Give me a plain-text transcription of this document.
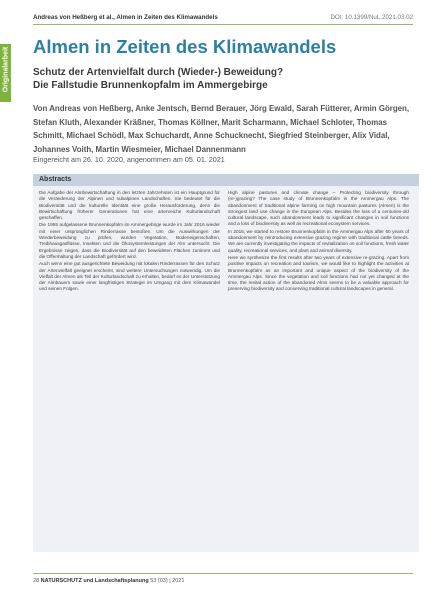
Originalarbeit
Andreas von Heßberg et al., Almen in Zeiten des Klimawandels	DOI: 10.1399/NuL.2021.03.02
Almen in Zeiten des Klimawandels
Schutz der Artenvielfalt durch (Wieder-) Beweidung?
Die Fallstudie Brunnenkopfalm im Ammergebirge
Von Andreas von Heßberg, Anke Jentsch, Bernd Berauer, Jörg Ewald, Sarah Fütterer, Armin Görgen, Stefan Kluth, Alexander Kräßner, Thomas Köllner, Marit Scharmann, Michael Schloter, Thomas Schmitt, Michael Schödl, Max Schuchardt, Anne Schucknecht, Siegfried Steinberger, Alix Vidal, Johannes Voith, Martin Wiesmeier, Michael Dannenmann
Eingereicht am 26. 10. 2020, angenommen am 05. 01. 2021
Abstracts

Die Aufgabe der Almbewirtschaftung in den letzten Jahrzehnten ist ein Hauptgrund für die Veränderung der Alpinen und subalpinen Landschaften. Sie bedeutet für die Biodiversität und die kulturelle Identität eine große Herausforderung, denn die Bewirtschaftung früherer Generationen hat eine artenreiche Kulturlandschaft geschaffen.

Die 1955 aufgelassene Brunnenkopfalm im Ammergebirge wurde im Jahr 2016 wieder mit einer ursprünglichen Rinderrasse bestoßen. Um die Auswirkungen der Wiederbeweidung zu prüfen, wurden Vegetation, Bodeneigenschaften, Treibhausgasflüsse, Insekten und die Ökosystemleistungen der Alm untersucht. Die Ergebnisse zeigen, dass die Biodiversität auf den beweideten Flächen zunimmt und die Offenhaltung der Landschaft gefördert wird.

Auch wenn eine gut ausgerichtete Beweidung mit lokalen Rinderrassen für den Schutz der Artenvielfalt geeignet erscheint, sind weitere Untersuchungen notwendig. Um die Vielfalt der Almen als Teil der Kulturlandschaft zu erhalten, bedarf es der Unterstützung der Almbauern sowie einer langfristigen Strategie im Umgang mit dem Klimawandel und seinen Folgen.

High alpine pastures and climate change – Protecting biodiversity through (re-)grazing? The case study of Brunnenkopfalm in the Ammergau Alps. The abandonment of traditional alpine farming on high mountain pastures (Almen) is the strongest land use change in the European Alps. Besides the loss of a centuries-old cultural landscape, such abandonment leads to significant changes in soil functions and a loss of biodiversity as well as recreational ecosystem services.

In 2016, we started to restore Brunnenkopfalm in the Ammergau Alps after 60 years of abandonment by reintroducing extensive grazing regime with traditional cattle breeds. We are currently investigating the impacts of revitalization on soil functions, fresh water quality, recreational services, and plant and animal diversity.

Here we synthesize the first results after two years of extensive re-grazing. Apart from positive impacts on recreation and tourism, we would like to highlight the activities at Brunnenkopfalm as an important and unique aspect of the biodiversity of the Ammergau Alps. Since the vegetation and soil functions had not yet changed at the time, the revital action of the abandoned Alms seems to be a valuable approach for preserving biodiversity and conserving traditional cultural landscapes in general.

28 NATURSCHUTZ und Landschaftsplanung 53 (03) | 2021
